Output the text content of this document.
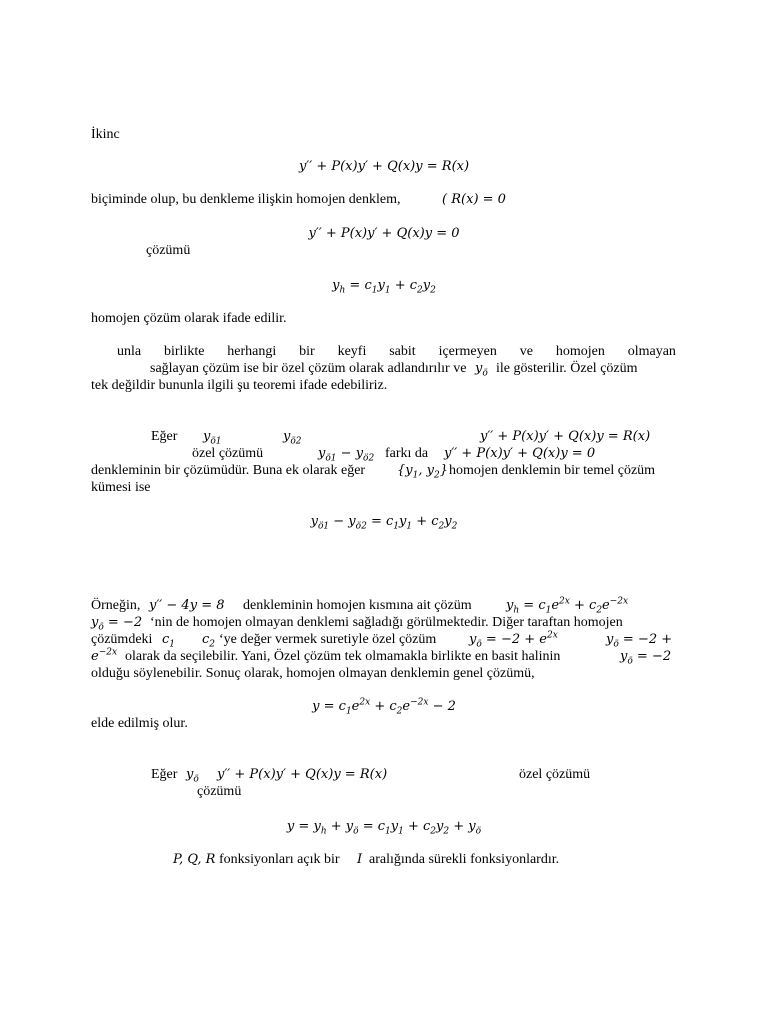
İkinc
y′′ + P(x)y′ + Q(x)y = R(x)
biçiminde olup, bu denkleme ilişkin homojen denklem,	( R(x) = 0
y′′ + P(x)y′ + Q(x)y = 0
çözümü
$y_h = c_1y_1 + c_2y_2$
homojen çözüm olarak ifade edilir.
unla birlikte herhangi bir keyfi sabit içermeyen ve homojen olmayan
sağlayan çözüm ise bir özel çözüm olarak adlandırılır ve $y_ö$ ile gösterilir. Özel çözüm
tek değildir bununla ilgili şu teoremi ifade edebiliriz.
Eğer $y_{ö1}$	$y_{ö2}$	y′′ + P(x)y′ + Q(x)y = R(x)
özel çözümü	$y_{ö1} - y_{ö2}$ farkı da y′′ + P(x)y′ + Q(x)y = 0
denkleminin bir çözümüdür. Buna ek olarak eğer {$y_1$, $y_2$} homojen denklemin bir temel çözüm
kümesi ise
$y_{ö1} - y_{ö2} = c_1y_1 + c_2y_2$
Örneğin, y′′ − 4y = 8 denkleminin homojen kısmına ait çözüm	$y_h = c_1e^{2x} + c_2e^{-2x}$
$y_ö = -2$ ‘nin de homojen olmayan denklemi sağladığı görülmektedir. Diğer taraftan homojen
çözümdeki $c_1$ $c_2$ ‘ye değer vermek suretiyle özel çözüm	$y_ö = -2 + e^{2x}$	$y_ö = -2$ +
$e^{-2x}$ olarak da seçilebilir. Yani, Özel çözüm tek olmamakla birlikte en basit halinin	$y_ö = -2$
olduğu söylenebilir. Sonuç olarak, homojen olmayan denklemin genel çözümü,
$y = c_1e^{2x} + c_2e^{-2x} - 2$
elde edilmiş olur.
Eğer $y_ö$ y′′ + P(x)y′ + Q(x)y = R(x)	özel çözümü
çözümü
$y = y_h + y_ö = c_1y_1 + c_2y_2 + y_ö$
P, Q, R fonksiyonları açık bir I aralığında sürekli fonksiyonlardır.
